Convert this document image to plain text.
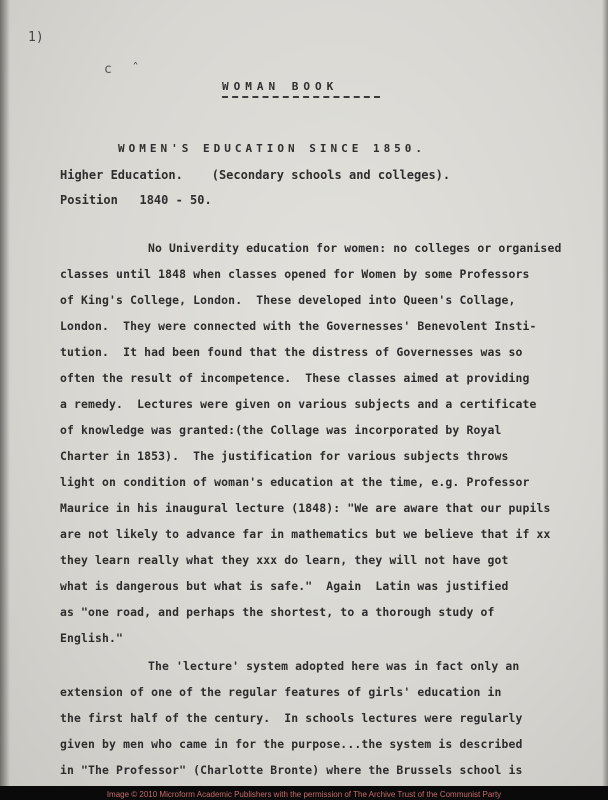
1)
c ˆ
WOMAN BOOK
WOMEN'S EDUCATION SINCE 1850.
Higher Education.    (Secondary schools and colleges).
Position   1840 - 50.
No Univerdity education for women: no colleges or organised
classes until 1848 when classes opened for Women by some Professors
of King's College, London.  These developed into Queen's Collage,
London.  They were connected with the Governesses' Benevolent Insti-
tution.  It had been found that the distress of Governesses was so
often the result of incompetence.  These classes aimed at providing
a remedy.  Lectures were given on various subjects and a certificate
of knowledge was granted:(the Collage was incorporated by Royal
Charter in 1853).  The justification for various subjects throws
light on condition of woman's education at the time, e.g. Professor
Maurice in his inaugural lecture (1848): "We are aware that our pupils
are not likely to advance far in mathematics but we believe that if xx
they learn really what they xxx do learn, they will not have got
what is dangerous but what is safe."  Again  Latin was justified
as "one road, and perhaps the shortest, to a thorough study of
English."
The 'lecture' system adopted here was in fact only an
extension of one of the regular features of girls' education in
the first half of the century.  In schools lectures were regularly
given by men who came in for the purpose...the system is described
in "The Professor" (Charlotte Bronte) where the Brussels school is
Image © 2010 Microform Academic Publishers with the permission of The Archive Trust of the Communist Party
